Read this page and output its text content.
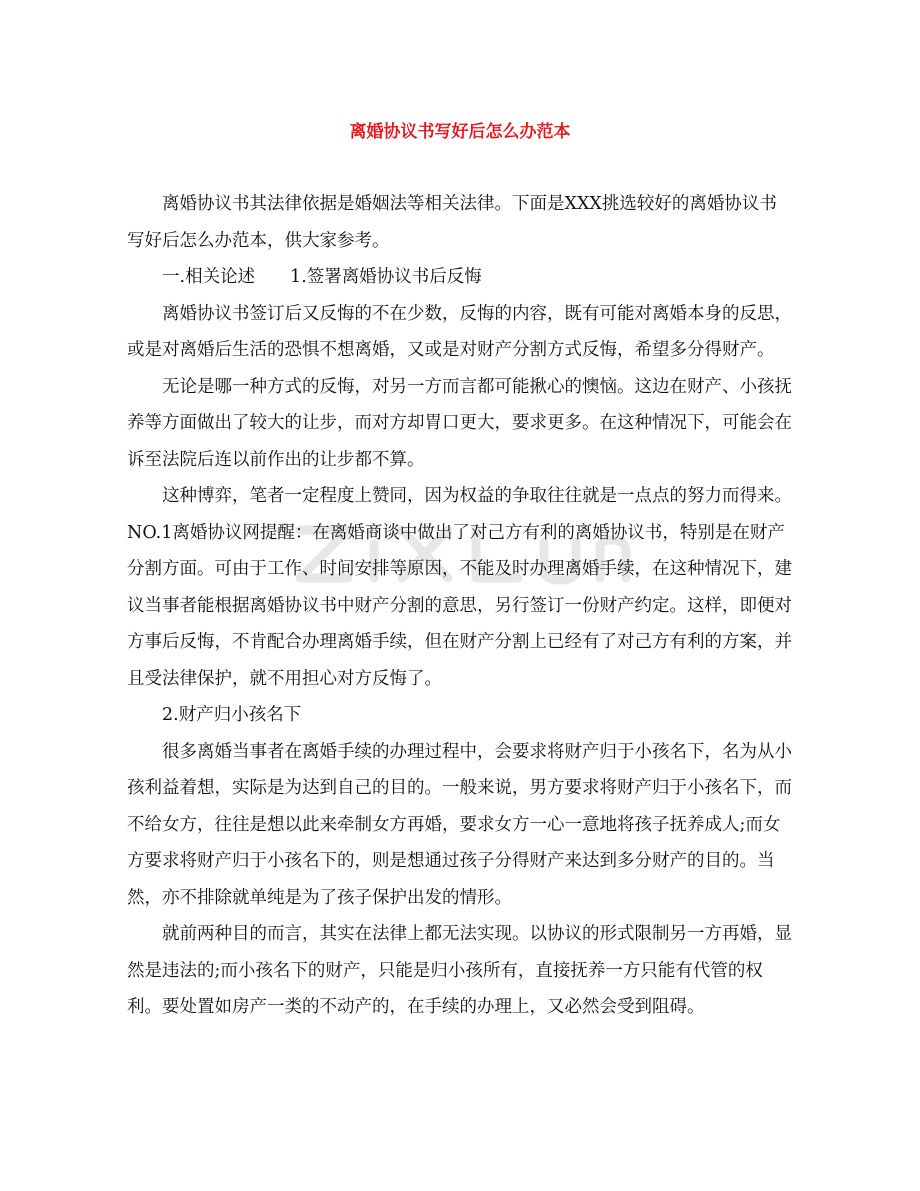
离婚协议书写好后怎么办范本

离婚协议书其法律依据是婚姻法等相关法律。下面是XXX挑选较好的离婚协议书写好后怎么办范本，供大家参考。

一.相关论述　　1.签署离婚协议书后反悔

离婚协议书签订后又反悔的不在少数，反悔的内容，既有可能对离婚本身的反思，或是对离婚后生活的恐惧不想离婚，又或是对财产分割方式反悔，希望多分得财产。

无论是哪一种方式的反悔，对另一方而言都可能揪心的懊恼。这边在财产、小孩抚养等方面做出了较大的让步，而对方却胃口更大，要求更多。在这种情况下，可能会在诉至法院后连以前作出的让步都不算。

这种博弈，笔者一定程度上赞同，因为权益的争取往往就是一点点的努力而得来。NO.1离婚协议网提醒：在离婚商谈中做出了对己方有利的离婚协议书，特别是在财产分割方面。可由于工作、时间安排等原因，不能及时办理离婚手续，在这种情况下，建议当事者能根据离婚协议书中财产分割的意思，另行签订一份财产约定。这样，即便对方事后反悔，不肯配合办理离婚手续，但在财产分割上已经有了对己方有利的方案，并且受法律保护，就不用担心对方反悔了。

2.财产归小孩名下

很多离婚当事者在离婚手续的办理过程中，会要求将财产归于小孩名下，名为从小孩利益着想，实际是为达到自己的目的。一般来说，男方要求将财产归于小孩名下，而不给女方，往往是想以此来牵制女方再婚，要求女方一心一意地将孩子抚养成人;而女方要求将财产归于小孩名下的，则是想通过孩子分得财产来达到多分财产的目的。当然，亦不排除就单纯是为了孩子保护出发的情形。

就前两种目的而言，其实在法律上都无法实现。以协议的形式限制另一方再婚，显然是违法的;而小孩名下的财产，只能是归小孩所有，直接抚养一方只能有代管的权利。要处置如房产一类的不动产的，在手续的办理上，又必然会受到阻碍。
